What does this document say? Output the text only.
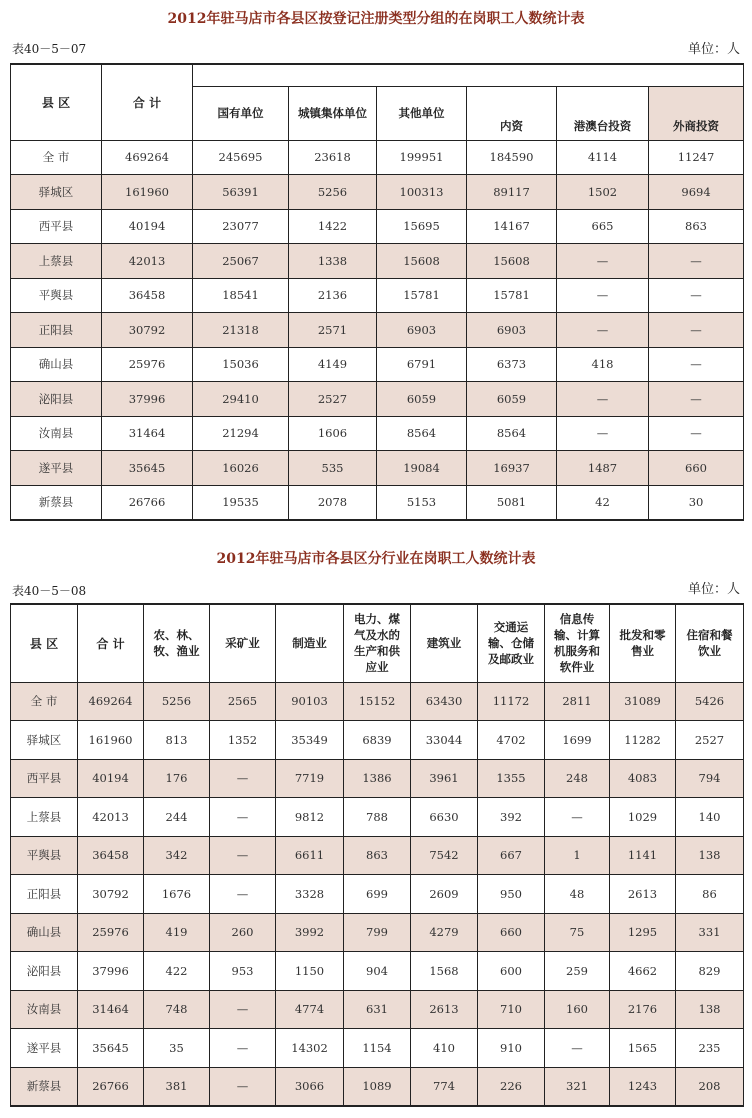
2012年驻马店市各县区按登记注册类型分组的在岗职工人数统计表
表40－5－07	单位：人
县 区	合 计						
		国有单位	城镇集体单位	其他单位	内资	港澳台投资	外商投资
全 市	469264	245695	23618	199951	184590	4114	11247
驿城区	161960	56391	5256	100313	89117	1502	9694
西平县	40194	23077	1422	15695	14167	665	863
上蔡县	42013	25067	1338	15608	15608	—	—
平舆县	36458	18541	2136	15781	15781	—	—
正阳县	30792	21318	2571	6903	6903	—	—
确山县	25976	15036	4149	6791	6373	418	—
泌阳县	37996	29410	2527	6059	6059	—	—
汝南县	31464	21294	1606	8564	8564	—	—
遂平县	35645	16026	535	19084	16937	1487	660
新蔡县	26766	19535	2078	5153	5081	42	30
2012年驻马店市各县区分行业在岗职工人数统计表
表40－5－08	单位：人
县 区	合 计	农、林、牧、渔业	采矿业	制造业	电力、煤气及水的生产和供应业	建筑业	交通运输、仓储及邮政业	信息传输、计算机服务和软件业	批发和零售业	住宿和餐饮业
全 市	469264	5256	2565	90103	15152	63430	11172	2811	31089	5426
驿城区	161960	813	1352	35349	6839	33044	4702	1699	11282	2527
西平县	40194	176	—	7719	1386	3961	1355	248	4083	794
上蔡县	42013	244	—	9812	788	6630	392	—	1029	140
平舆县	36458	342	—	6611	863	7542	667	1	1141	138
正阳县	30792	1676	—	3328	699	2609	950	48	2613	86
确山县	25976	419	260	3992	799	4279	660	75	1295	331
泌阳县	37996	422	953	1150	904	1568	600	259	4662	829
汝南县	31464	748	—	4774	631	2613	710	160	2176	138
遂平县	35645	35	—	14302	1154	410	910	—	1565	235
新蔡县	26766	381	—	3066	1089	774	226	321	1243	208
